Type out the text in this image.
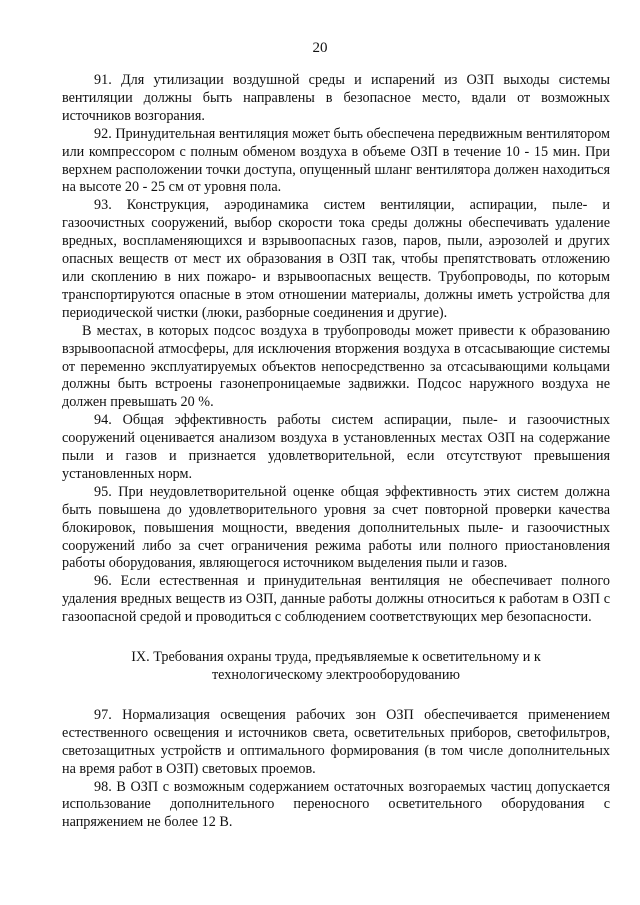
20

91. Для утилизации воздушной среды и испарений из ОЗП выходы системы вентиляции должны быть направлены в безопасное место, вдали от возможных источников возгорания.

92. Принудительная вентиляция может быть обеспечена передвижным вентилятором или компрессором с полным обменом воздуха в объеме ОЗП в течение 10 - 15 мин. При верхнем расположении точки доступа, опущенный шланг вентилятора должен находиться на высоте 20 - 25 см от уровня пола.

93. Конструкция, аэродинамика систем вентиляции, аспирации, пыле- и газоочистных сооружений, выбор скорости тока среды должны обеспечивать удаление вредных, воспламеняющихся и взрывоопасных газов, паров, пыли, аэрозолей и других опасных веществ от мест их образования в ОЗП так, чтобы препятствовать отложению или скоплению в них пожаро- и взрывоопасных веществ. Трубопроводы, по которым транспортируются опасные в этом отношении материалы, должны иметь устройства для периодической чистки (люки, разборные соединения и другие).

В местах, в которых подсос воздуха в трубопроводы может привести к образованию взрывоопасной атмосферы, для исключения вторжения воздуха в отсасывающие системы от переменно эксплуатируемых объектов непосредственно за отсасывающими кольцами должны быть встроены газонепроницаемые задвижки. Подсос наружного воздуха не должен превышать 20 %.

94. Общая эффективность работы систем аспирации, пыле- и газоочистных сооружений оценивается анализом воздуха в установленных местах ОЗП на содержание пыли и газов и признается удовлетворительной, если отсутствуют превышения установленных норм.

95. При неудовлетворительной оценке общая эффективность этих систем должна быть повышена до удовлетворительного уровня за счет повторной проверки качества блокировок, повышения мощности, введения дополнительных пыле- и газоочистных сооружений либо за счет ограничения режима работы или полного приостановления работы оборудования, являющегося источником выделения пыли и газов.

96. Если естественная и принудительная вентиляция не обеспечивает полного удаления вредных веществ из ОЗП, данные работы должны относиться к работам в ОЗП с газоопасной средой и проводиться с соблюдением соответствующих мер безопасности.

IX. Требования охраны труда, предъявляемые к осветительному и к
технологическому электрооборудованию

97. Нормализация освещения рабочих зон ОЗП обеспечивается применением естественного освещения и источников света, осветительных приборов, светофильтров, светозащитных устройств и оптимального формирования (в том числе дополнительных на время работ в ОЗП) световых проемов.

98. В ОЗП с возможным содержанием остаточных возгораемых частиц допускается использование дополнительного переносного осветительного оборудования с напряжением не более 12 В.
